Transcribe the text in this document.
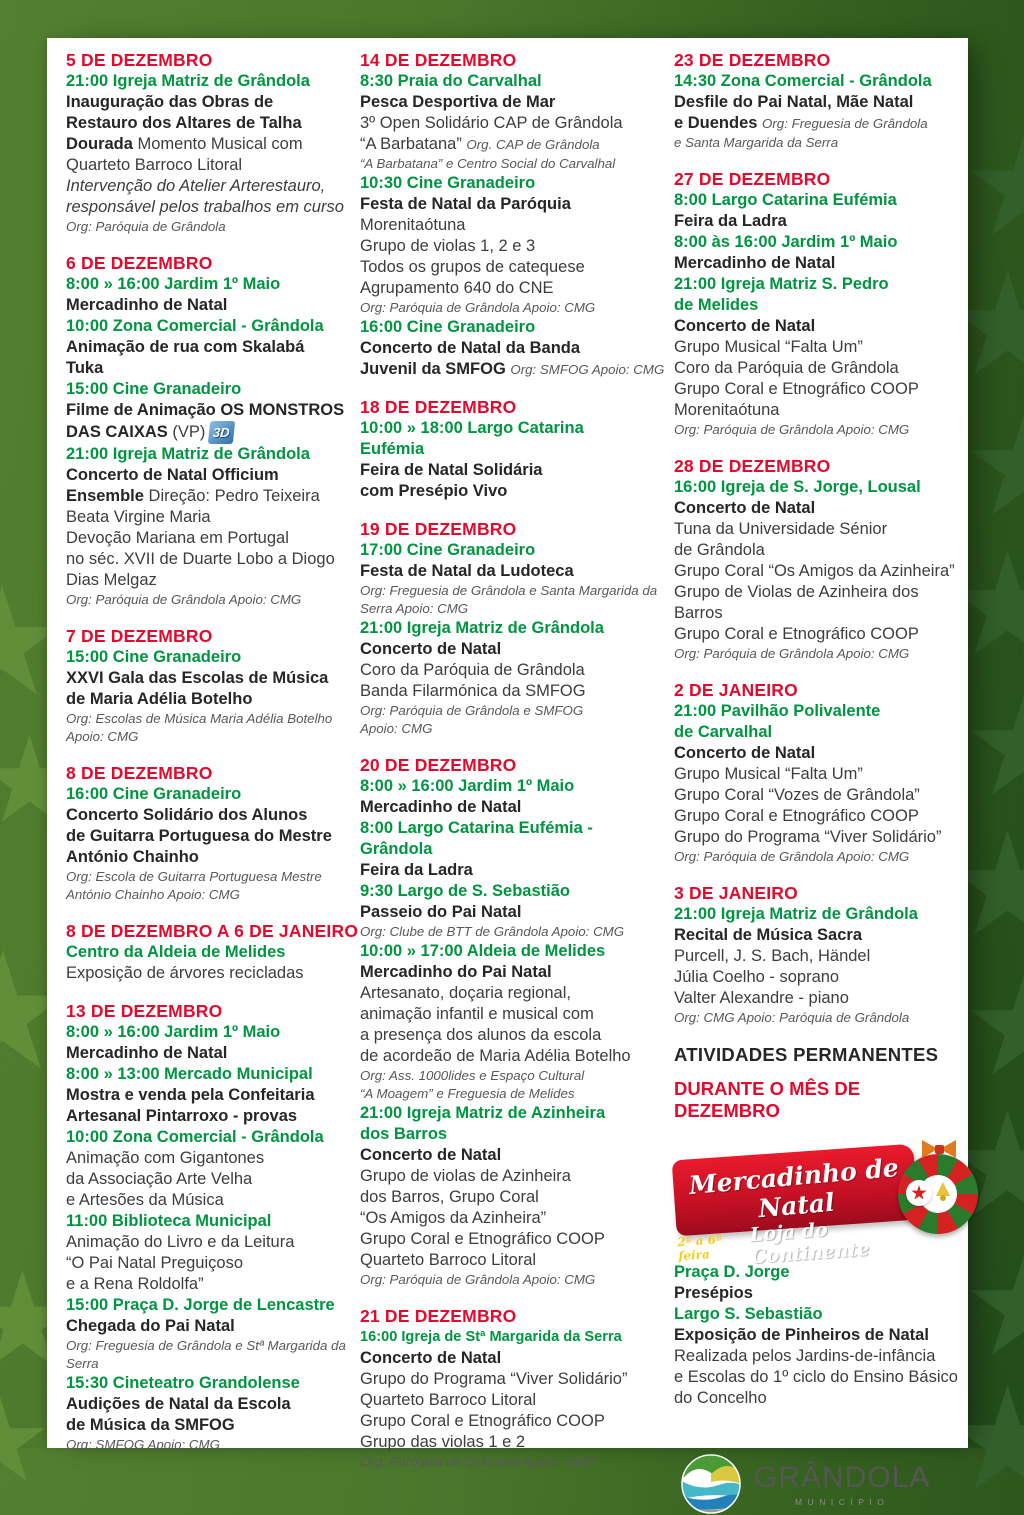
5 DE DEZEMBRO
21:00 Igreja Matriz de Grândola
Inauguração das Obras de
Restauro dos Altares de Talha
Dourada Momento Musical com
Quarteto Barroco Litoral
Intervenção do Atelier Arterestauro,
responsável pelos trabalhos em curso
Org: Paróquia de Grândola
6 DE DEZEMBRO
8:00 » 16:00 Jardim 1º Maio
Mercadinho de Natal
10:00 Zona Comercial - Grândola
Animação de rua com Skalabá
Tuka
15:00 Cine Granadeiro
Filme de Animação OS MONSTROS
DAS CAIXAS (VP) 3D
21:00 Igreja Matriz de Grândola
Concerto de Natal Officium
Ensemble Direção: Pedro Teixeira
Beata Virgine Maria
Devoção Mariana em Portugal
no séc. XVII de Duarte Lobo a Diogo
Dias Melgaz
Org: Paróquia de Grândola Apoio: CMG
7 DE DEZEMBRO
15:00 Cine Granadeiro
XXVI Gala das Escolas de Música
de Maria Adélia Botelho
Org: Escolas de Música Maria Adélia Botelho
Apoio: CMG
8 DE DEZEMBRO
16:00 Cine Granadeiro
Concerto Solidário dos Alunos
de Guitarra Portuguesa do Mestre
António Chainho
Org: Escola de Guitarra Portuguesa Mestre
António Chainho Apoio: CMG
8 DE DEZEMBRO A 6 DE JANEIRO
Centro da Aldeia de Melides
Exposição de árvores recicladas
13 DE DEZEMBRO
8:00 » 16:00 Jardim 1º Maio
Mercadinho de Natal
8:00 » 13:00 Mercado Municipal
Mostra e venda pela Confeitaria
Artesanal Pintarroxo - provas
10:00 Zona Comercial - Grândola
Animação com Gigantones
da Associação Arte Velha
e Artesões da Música
11:00 Biblioteca Municipal
Animação do Livro e da Leitura
“O Pai Natal Preguiçoso
e a Rena Roldolfa”
15:00 Praça D. Jorge de Lencastre
Chegada do Pai Natal
Org: Freguesia de Grândola e Stª Margarida da
Serra
15:30 Cineteatro Grandolense
Audições de Natal da Escola
de Música da SMFOG
Org: SMFOG Apoio: CMG
14 DE DEZEMBRO
8:30 Praia do Carvalhal
Pesca Desportiva de Mar
3º Open Solidário CAP de Grândola
“A Barbatana” Org. CAP de Grândola
“A Barbatana” e Centro Social do Carvalhal
10:30 Cine Granadeiro
Festa de Natal da Paróquia
Morenitaótuna
Grupo de violas 1, 2 e 3
Todos os grupos de catequese
Agrupamento 640 do CNE
Org: Paróquia de Grândola Apoio: CMG
16:00 Cine Granadeiro
Concerto de Natal da Banda
Juvenil da SMFOG Org: SMFOG Apoio: CMG
18 DE DEZEMBRO
10:00 » 18:00 Largo Catarina
Eufémia
Feira de Natal Solidária
com Presépio Vivo
19 DE DEZEMBRO
17:00 Cine Granadeiro
Festa de Natal da Ludoteca
Org: Freguesia de Grândola e Santa Margarida da
Serra Apoio: CMG
21:00 Igreja Matriz de Grândola
Concerto de Natal
Coro da Paróquia de Grândola
Banda Filarmónica da SMFOG
Org: Paróquia de Grândola e SMFOG
Apoio: CMG
20 DE DEZEMBRO
8:00 » 16:00 Jardim 1º Maio
Mercadinho de Natal
8:00 Largo Catarina Eufémia -
Grândola
Feira da Ladra
9:30 Largo de S. Sebastião
Passeio do Pai Natal
Org: Clube de BTT de Grândola Apoio: CMG
10:00 » 17:00 Aldeia de Melides
Mercadinho do Pai Natal
Artesanato, doçaria regional,
animação infantil e musical com
a presença dos alunos da escola
de acordeão de Maria Adélia Botelho
Org: Ass. 1000lides e Espaço Cultural
“A Moagem” e Freguesia de Melides
21:00 Igreja Matriz de Azinheira
dos Barros
Concerto de Natal
Grupo de violas de Azinheira
dos Barros, Grupo Coral
“Os Amigos da Azinheira”
Grupo Coral e Etnográfico COOP
Quarteto Barroco Litoral
Org: Paróquia de Grândola Apoio: CMG
21 DE DEZEMBRO
16:00 Igreja de Stª Margarida da Serra
Concerto de Natal
Grupo do Programa “Viver Solidário”
Quarteto Barroco Litoral
Grupo Coral e Etnográfico COOP
Grupo das violas 1 e 2
Org: Paróquia de Grândola Apoio: CMG
23 DE DEZEMBRO
14:30 Zona Comercial - Grândola
Desfile do Pai Natal, Mãe Natal
e Duendes Org: Freguesia de Grândola
e Santa Margarida da Serra
27 DE DEZEMBRO
8:00 Largo Catarina Eufémia
Feira da Ladra
8:00 às 16:00 Jardim 1º Maio
Mercadinho de Natal
21:00 Igreja Matriz S. Pedro
de Melides
Concerto de Natal
Grupo Musical “Falta Um”
Coro da Paróquia de Grândola
Grupo Coral e Etnográfico COOP
Morenitaótuna
Org: Paróquia de Grândola Apoio: CMG
28 DE DEZEMBRO
16:00 Igreja de S. Jorge, Lousal
Concerto de Natal
Tuna da Universidade Sénior
de Grândola
Grupo Coral “Os Amigos da Azinheira”
Grupo de Violas de Azinheira dos
Barros
Grupo Coral e Etnográfico COOP
Org: Paróquia de Grândola Apoio: CMG
2 DE JANEIRO
21:00 Pavilhão Polivalente
de Carvalhal
Concerto de Natal
Grupo Musical “Falta Um”
Grupo Coral “Vozes de Grândola”
Grupo Coral e Etnográfico COOP
Grupo do Programa “Viver Solidário”
Org: Paróquia de Grândola Apoio: CMG
3 DE JANEIRO
21:00 Igreja Matriz de Grândola
Recital de Música Sacra
Purcell, J. S. Bach, Händel
Júlia Coelho - soprano
Valter Alexandre - piano
Org: CMG Apoio: Paróquia de Grândola
ATIVIDADES PERMANENTES
DURANTE O MÊS DE DEZEMBRO
Mercadinho de Natal
2ª a 6ª feira
Loja do Continente
Praça D. Jorge
Presépios
Largo S. Sebastião
Exposição de Pinheiros de Natal
Realizada pelos Jardins-de-infância
e Escolas do 1º ciclo do Ensino Básico
do Concelho
GRÂNDOLA
MUNICÍPIO
